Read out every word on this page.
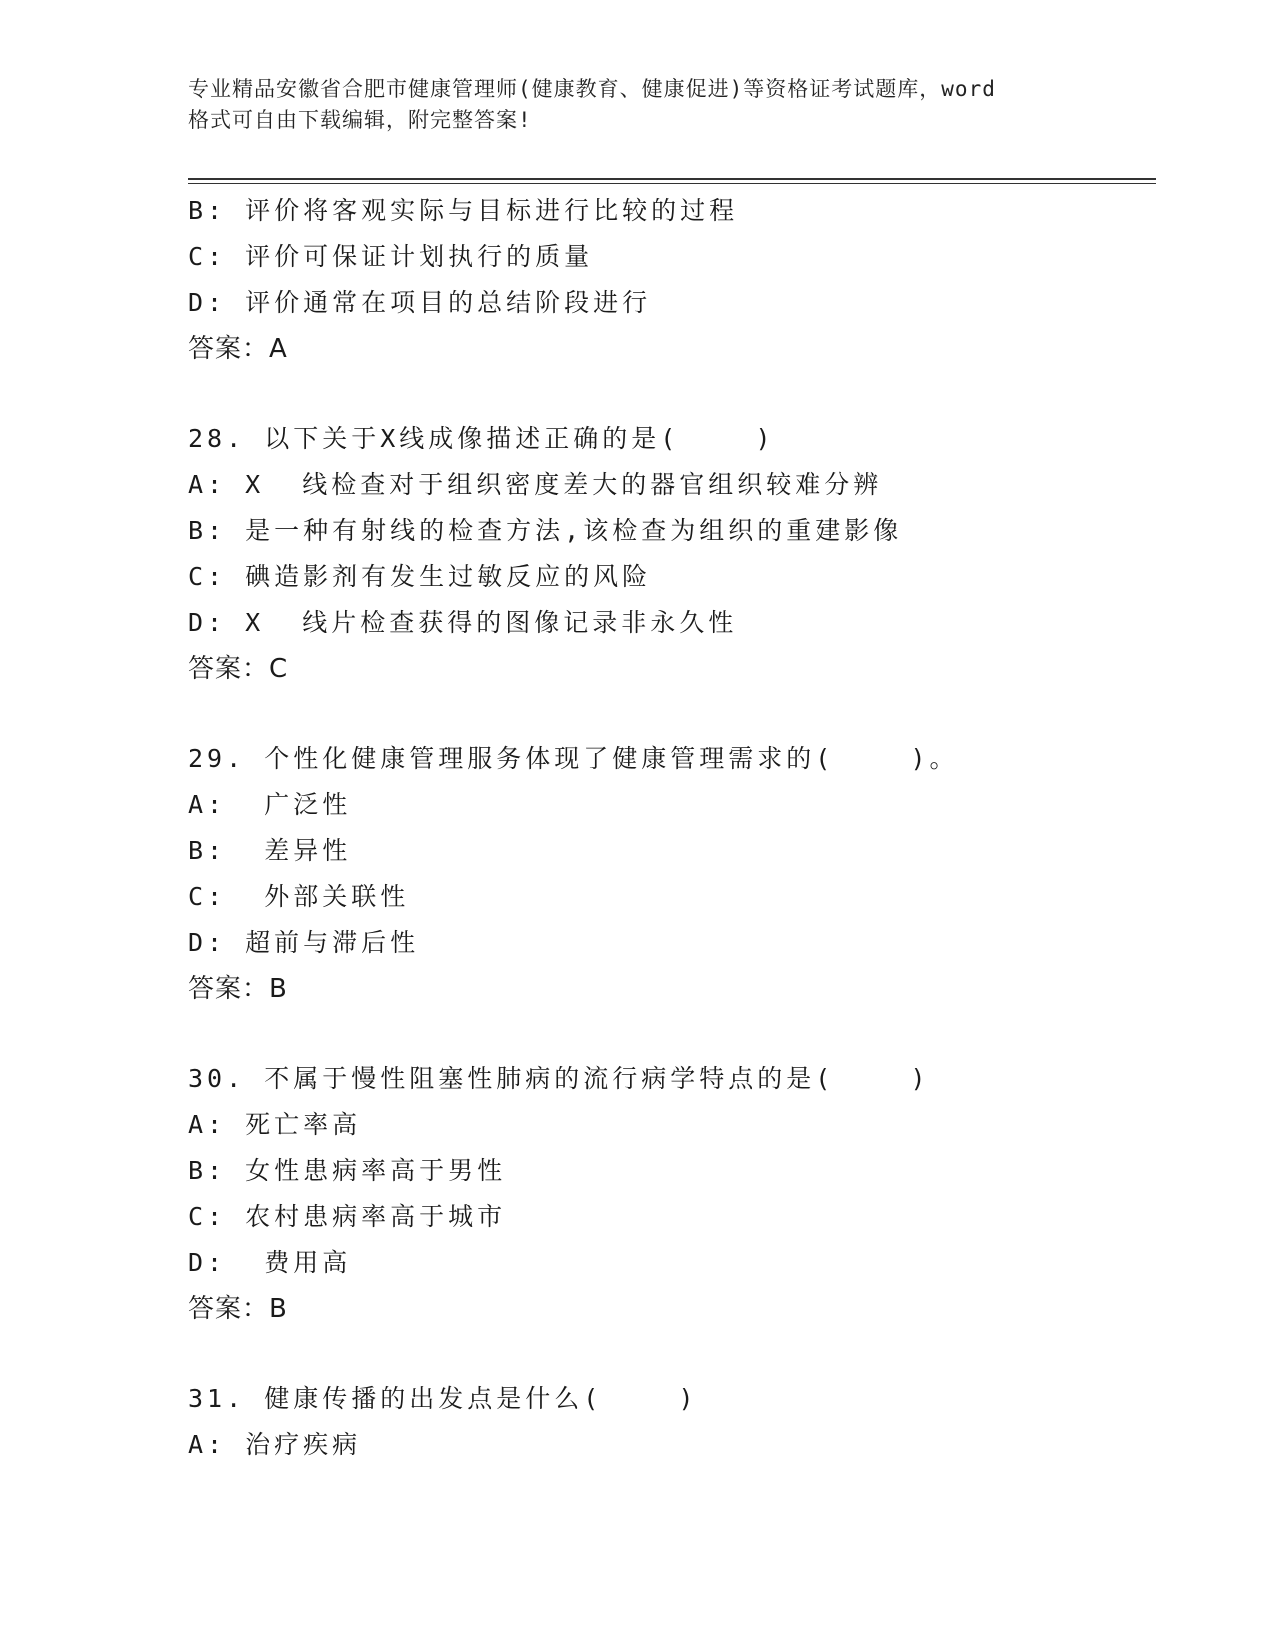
专业精品安徽省合肥市健康管理师(健康教育、健康促进)等资格证考试题库，word
格式可自由下载编辑，附完整答案!
B: 评价将客观实际与目标进行比较的过程
C: 评价可保证计划执行的质量
D: 评价通常在项目的总结阶段进行
答案：A
28. 以下关于X线成像描述正确的是(    )
A: X  线检查对于组织密度差大的器官组织较难分辨
B: 是一种有射线的检查方法,该检查为组织的重建影像
C: 碘造影剂有发生过敏反应的风险
D: X  线片检查获得的图像记录非永久性
答案：C
29. 个性化健康管理服务体现了健康管理需求的(    )。
A:  广泛性
B:  差异性
C:  外部关联性
D: 超前与滞后性
答案：B
30. 不属于慢性阻塞性肺病的流行病学特点的是(    )
A: 死亡率高
B: 女性患病率高于男性
C: 农村患病率高于城市
D:  费用高
答案：B
31. 健康传播的出发点是什么(    )
A: 治疗疾病
